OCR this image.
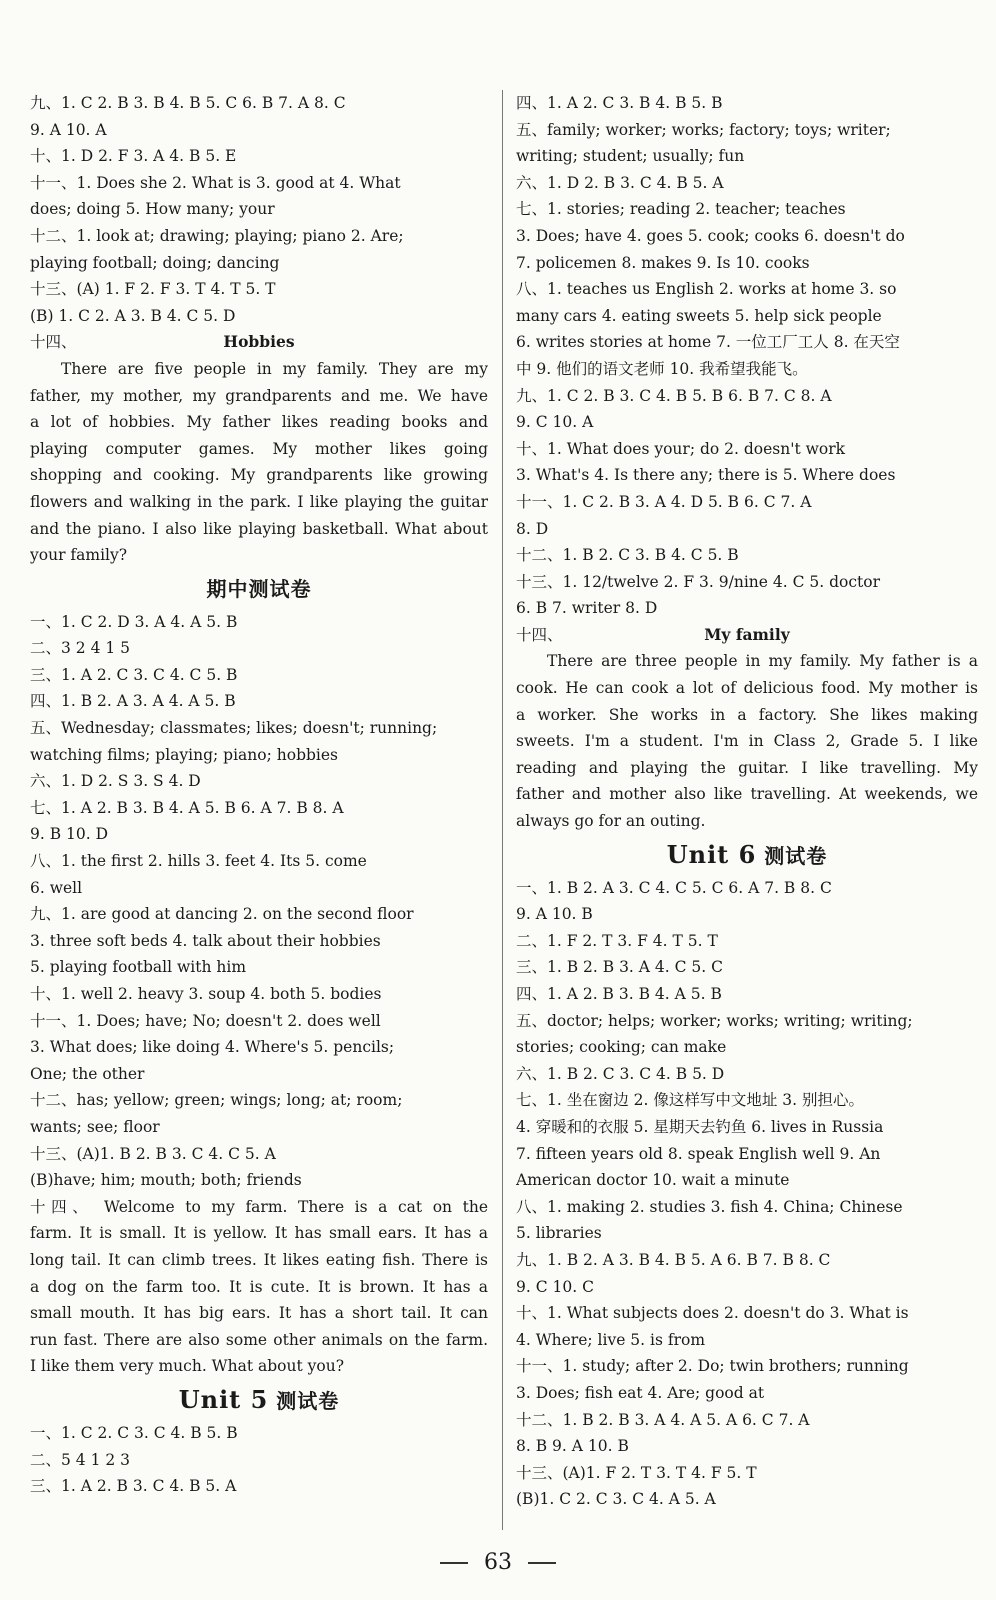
九、1. C 2. B 3. B 4. B 5. C 6. B 7. A 8. C
9. A 10. A
十、1. D 2. F 3. A 4. B 5. E
十一、1. Does she 2. What is 3. good at 4. What
does; doing 5. How many; your
十二、1. look at; drawing; playing; piano 2. Are;
playing football; doing; dancing
十三、(A) 1. F 2. F 3. T 4. T 5. T
(B) 1. C 2. A 3. B 4. C 5. D
十四、	Hobbies
There are five people in my family. They are my
father, my mother, my grandparents and me. We have
a lot of hobbies. My father likes reading books and
playing computer games. My mother likes going
shopping and cooking. My grandparents like growing
flowers and walking in the park. I like playing the guitar
and the piano. I also like playing basketball. What about
your family?
期中测试卷
一、1. C 2. D 3. A 4. A 5. B
二、3 2 4 1 5
三、1. A 2. C 3. C 4. C 5. B
四、1. B 2. A 3. A 4. A 5. B
五、Wednesday; classmates; likes; doesn't; running;
watching films; playing; piano; hobbies
六、1. D 2. S 3. S 4. D
七、1. A 2. B 3. B 4. A 5. B 6. A 7. B 8. A
9. B 10. D
八、1. the first 2. hills 3. feet 4. Its 5. come
6. well
九、1. are good at dancing 2. on the second floor
3. three soft beds 4. talk about their hobbies
5. playing football with him
十、1. well 2. heavy 3. soup 4. both 5. bodies
十一、1. Does; have; No; doesn't 2. does well
3. What does; like doing 4. Where's 5. pencils;
One; the other
十二、has; yellow; green; wings; long; at; room;
wants; see; floor
十三、(A)1. B 2. B 3. C 4. C 5. A
(B)have; him; mouth; both; friends
十四、 Welcome to my farm. There is a cat on the
farm. It is small. It is yellow. It has small ears. It has a
long tail. It can climb trees. It likes eating fish. There is
a dog on the farm too. It is cute. It is brown. It has a
small mouth. It has big ears. It has a short tail. It can
run fast. There are also some other animals on the farm.
I like them very much. What about you?
Unit 5 测试卷
一、1. C 2. C 3. C 4. B 5. B
二、5 4 1 2 3
三、1. A 2. B 3. C 4. B 5. A
四、1. A 2. C 3. B 4. B 5. B
五、family; worker; works; factory; toys; writer;
writing; student; usually; fun
六、1. D 2. B 3. C 4. B 5. A
七、1. stories; reading 2. teacher; teaches
3. Does; have 4. goes 5. cook; cooks 6. doesn't do
7. policemen 8. makes 9. Is 10. cooks
八、1. teaches us English 2. works at home 3. so
many cars 4. eating sweets 5. help sick people
6. writes stories at home 7. 一位工厂工人 8. 在天空
中 9. 他们的语文老师 10. 我希望我能飞。
九、1. C 2. B 3. C 4. B 5. B 6. B 7. C 8. A
9. C 10. A
十、1. What does your; do 2. doesn't work
3. What's 4. Is there any; there is 5. Where does
十一、1. C 2. B 3. A 4. D 5. B 6. C 7. A
8. D
十二、1. B 2. C 3. B 4. C 5. B
十三、1. 12/twelve 2. F 3. 9/nine 4. C 5. doctor
6. B 7. writer 8. D
十四、	My family
There are three people in my family. My father is a
cook. He can cook a lot of delicious food. My mother is
a worker. She works in a factory. She likes making
sweets. I'm a student. I'm in Class 2, Grade 5. I like
reading and playing the guitar. I like travelling. My
father and mother also like travelling. At weekends, we
always go for an outing.
Unit 6 测试卷
一、1. B 2. A 3. C 4. C 5. C 6. A 7. B 8. C
9. A 10. B
二、1. F 2. T 3. F 4. T 5. T
三、1. B 2. B 3. A 4. C 5. C
四、1. A 2. B 3. B 4. A 5. B
五、doctor; helps; worker; works; writing; writing;
stories; cooking; can make
六、1. B 2. C 3. C 4. B 5. D
七、1. 坐在窗边 2. 像这样写中文地址 3. 别担心。
4. 穿暖和的衣服 5. 星期天去钓鱼 6. lives in Russia
7. fifteen years old 8. speak English well 9. An
American doctor 10. wait a minute
八、1. making 2. studies 3. fish 4. China; Chinese
5. libraries
九、1. B 2. A 3. B 4. B 5. A 6. B 7. B 8. C
9. C 10. C
十、1. What subjects does 2. doesn't do 3. What is
4. Where; live 5. is from
十一、1. study; after 2. Do; twin brothers; running
3. Does; fish eat 4. Are; good at
十二、1. B 2. B 3. A 4. A 5. A 6. C 7. A
8. B 9. A 10. B
十三、(A)1. F 2. T 3. T 4. F 5. T
(B)1. C 2. C 3. C 4. A 5. A
63
